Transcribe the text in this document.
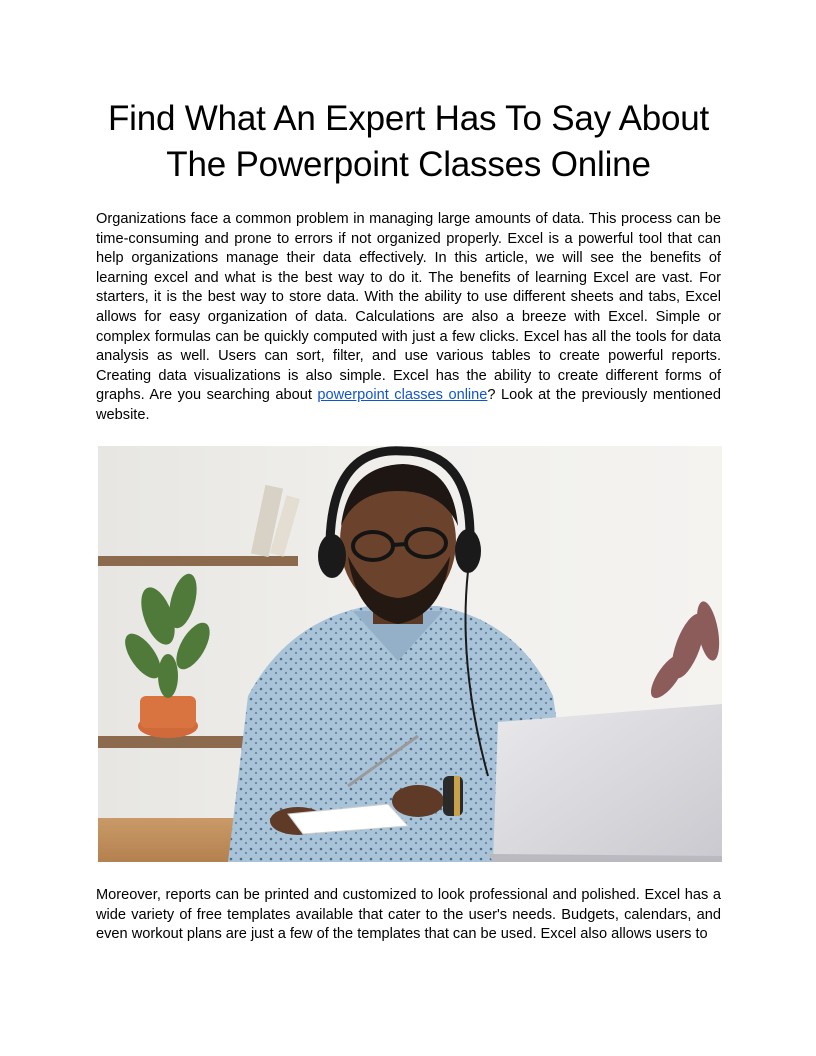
Find What An Expert Has To Say About The Powerpoint Classes Online

Organizations face a common problem in managing large amounts of data. This process can be time-consuming and prone to errors if not organized properly. Excel is a powerful tool that can help organizations manage their data effectively. In this article, we will see the benefits of learning excel and what is the best way to do it. The benefits of learning Excel are vast. For starters, it is the best way to store data. With the ability to use different sheets and tabs, Excel allows for easy organization of data. Calculations are also a breeze with Excel. Simple or complex formulas can be quickly computed with just a few clicks. Excel has all the tools for data analysis as well. Users can sort, filter, and use various tables to create powerful reports. Creating data visualizations is also simple. Excel has the ability to create different forms of graphs. Are you searching about powerpoint classes online? Look at the previously mentioned website.

Moreover, reports can be printed and customized to look professional and polished. Excel has a wide variety of free templates available that cater to the user's needs. Budgets, calendars, and even workout plans are just a few of the templates that can be used. Excel also allows users to
